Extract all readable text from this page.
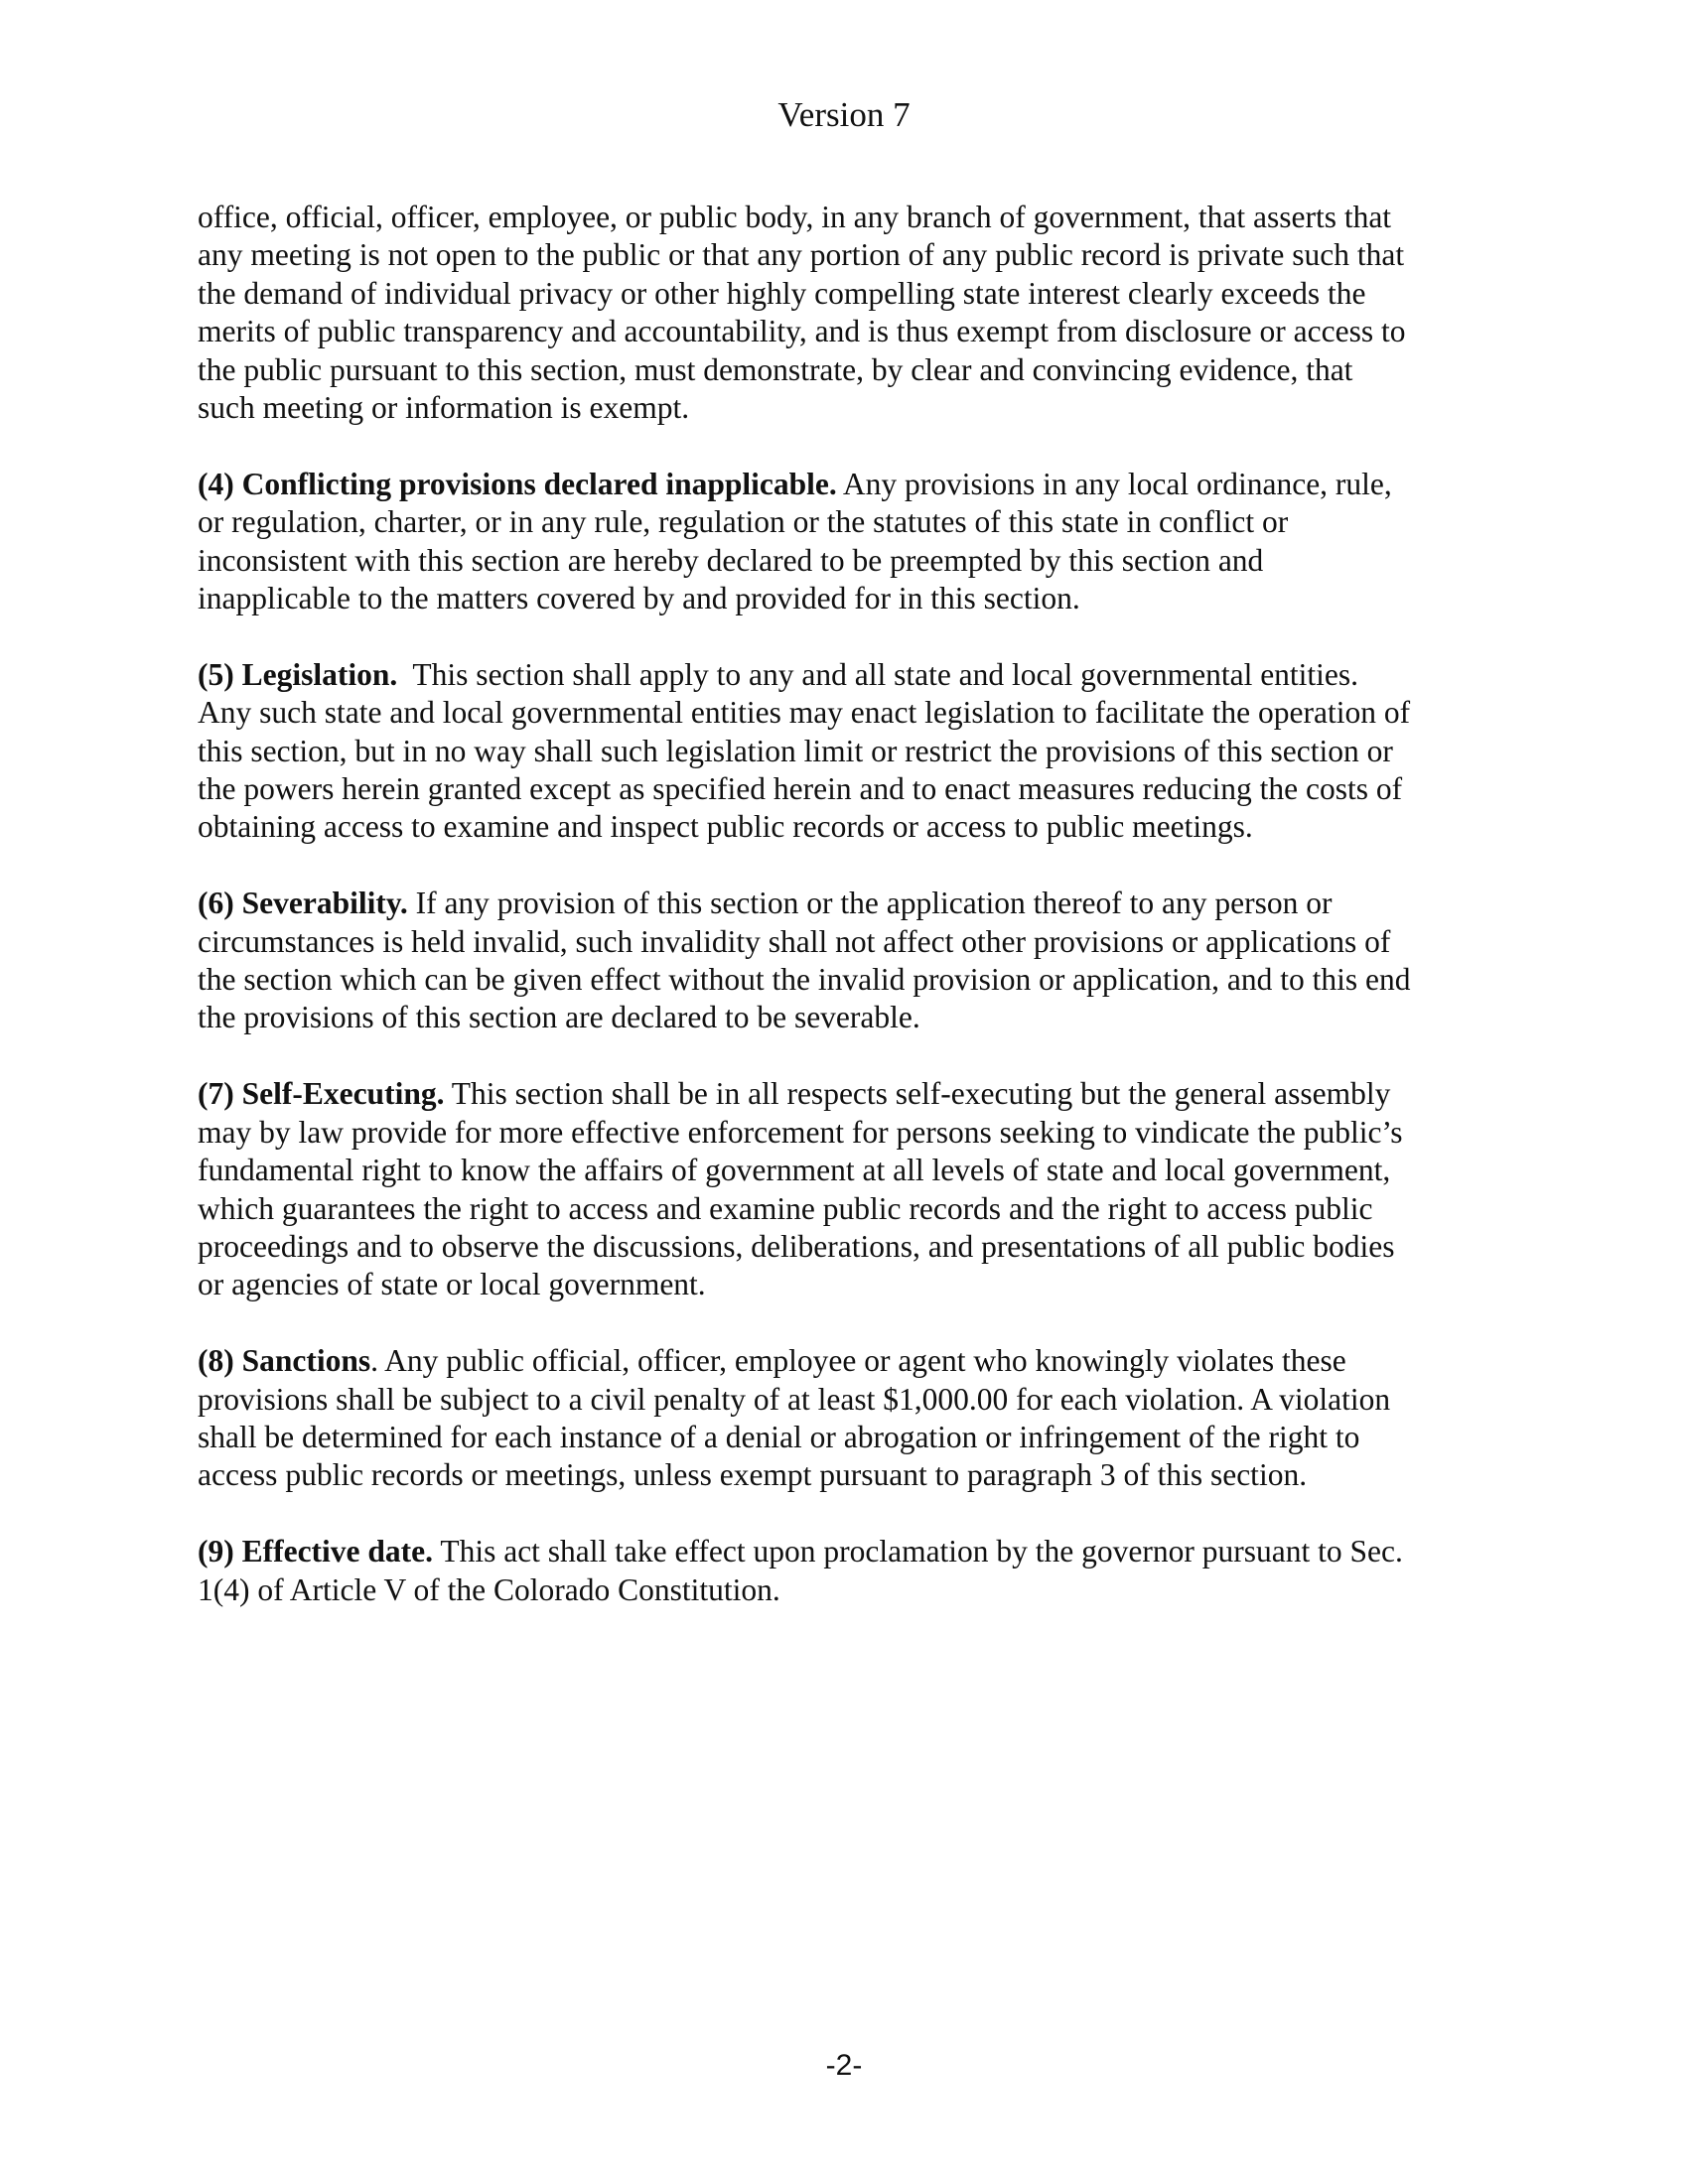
Version 7

office, official, officer, employee, or public body, in any branch of government, that asserts that
any meeting is not open to the public or that any portion of any public record is private such that
the demand of individual privacy or other highly compelling state interest clearly exceeds the
merits of public transparency and accountability, and is thus exempt from disclosure or access to
the public pursuant to this section, must demonstrate, by clear and convincing evidence, that
such meeting or information is exempt.

(4) Conflicting provisions declared inapplicable. Any provisions in any local ordinance, rule,
or regulation, charter, or in any rule, regulation or the statutes of this state in conflict or
inconsistent with this section are hereby declared to be preempted by this section and
inapplicable to the matters covered by and provided for in this section.

(5) Legislation.  This section shall apply to any and all state and local governmental entities.
Any such state and local governmental entities may enact legislation to facilitate the operation of
this section, but in no way shall such legislation limit or restrict the provisions of this section or
the powers herein granted except as specified herein and to enact measures reducing the costs of
obtaining access to examine and inspect public records or access to public meetings.

(6) Severability. If any provision of this section or the application thereof to any person or
circumstances is held invalid, such invalidity shall not affect other provisions or applications of
the section which can be given effect without the invalid provision or application, and to this end
the provisions of this section are declared to be severable.

(7) Self-Executing. This section shall be in all respects self-executing but the general assembly
may by law provide for more effective enforcement for persons seeking to vindicate the public’s
fundamental right to know the affairs of government at all levels of state and local government,
which guarantees the right to access and examine public records and the right to access public
proceedings and to observe the discussions, deliberations, and presentations of all public bodies
or agencies of state or local government.

(8) Sanctions. Any public official, officer, employee or agent who knowingly violates these
provisions shall be subject to a civil penalty of at least $1,000.00 for each violation. A violation
shall be determined for each instance of a denial or abrogation or infringement of the right to
access public records or meetings, unless exempt pursuant to paragraph 3 of this section.

(9) Effective date. This act shall take effect upon proclamation by the governor pursuant to Sec.
1(4) of Article V of the Colorado Constitution.

-2-
